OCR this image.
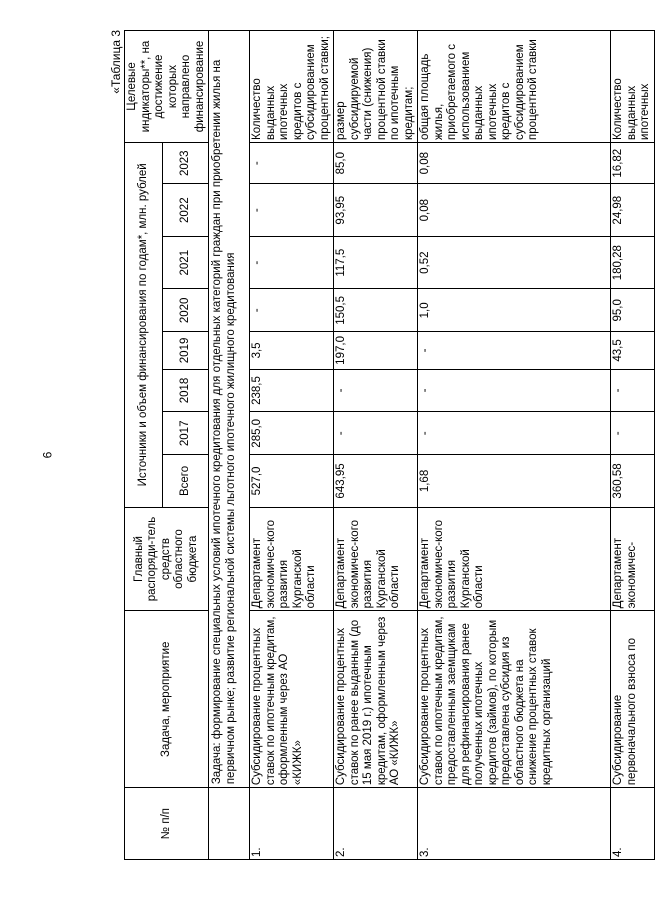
6
«Таблица 3
№ п/п	Задача, мероприятие	Главный распоряди-тель средств областного бюджета	Источники и объем финансирования по годам*, млн. рублей								Целевые индикаторы**, на достижение которых направлено финансирование
			Всего	2017	2018	2019	2020	2021	2022	2023	
	Задача: формирование специальных условий ипотечного кредитования для отдельных категорий граждан при приобретении жилья на первичном рынке; развитие региональной системы льготного ипотечного жилищного кредитования										
1.	Субсидирование процентных ставок по ипотечным кредитам, оформленным через АО «КИЖК»	Департамент экономичес-кого развития Курганской области	527,0	285,0	238,5	3,5	-	-	-	-	Количество выданных ипотечных кредитов с субсидированием процентной ставки;
2.	Субсидирование процентных ставок по ранее выданным (до 15 мая 2019 г.) ипотечным кредитам, оформленным через АО «КИЖК»	Департамент экономичес-кого развития Курганской области	643,95	-	-	197,0	150,5	117,5	93,95	85,0	размер субсидируемой части (снижения) процентной ставки по ипотечным кредитам;
3.	Субсидирование процентных ставок по ипотечным кредитам, предоставленным заемщикам для рефинансирования ранее полученных ипотечных кредитов (займов), по которым предоставлена субсидия из областного бюджета на снижение процентных ставок кредитных организаций	Департамент экономичес-кого развития Курганской области	1,68	-	-	-	1,0	0,52	0,08	0,08	общая площадь жилья, приобретаемого с использованием выданных ипотечных кредитов с субсидированием процентной ставки
4.	Субсидирование первоначального взноса по	Департамент экономичес-	360,58	-	-	43,5	95,0	180,28	24,98	16,82	Количество выданных ипотечных
